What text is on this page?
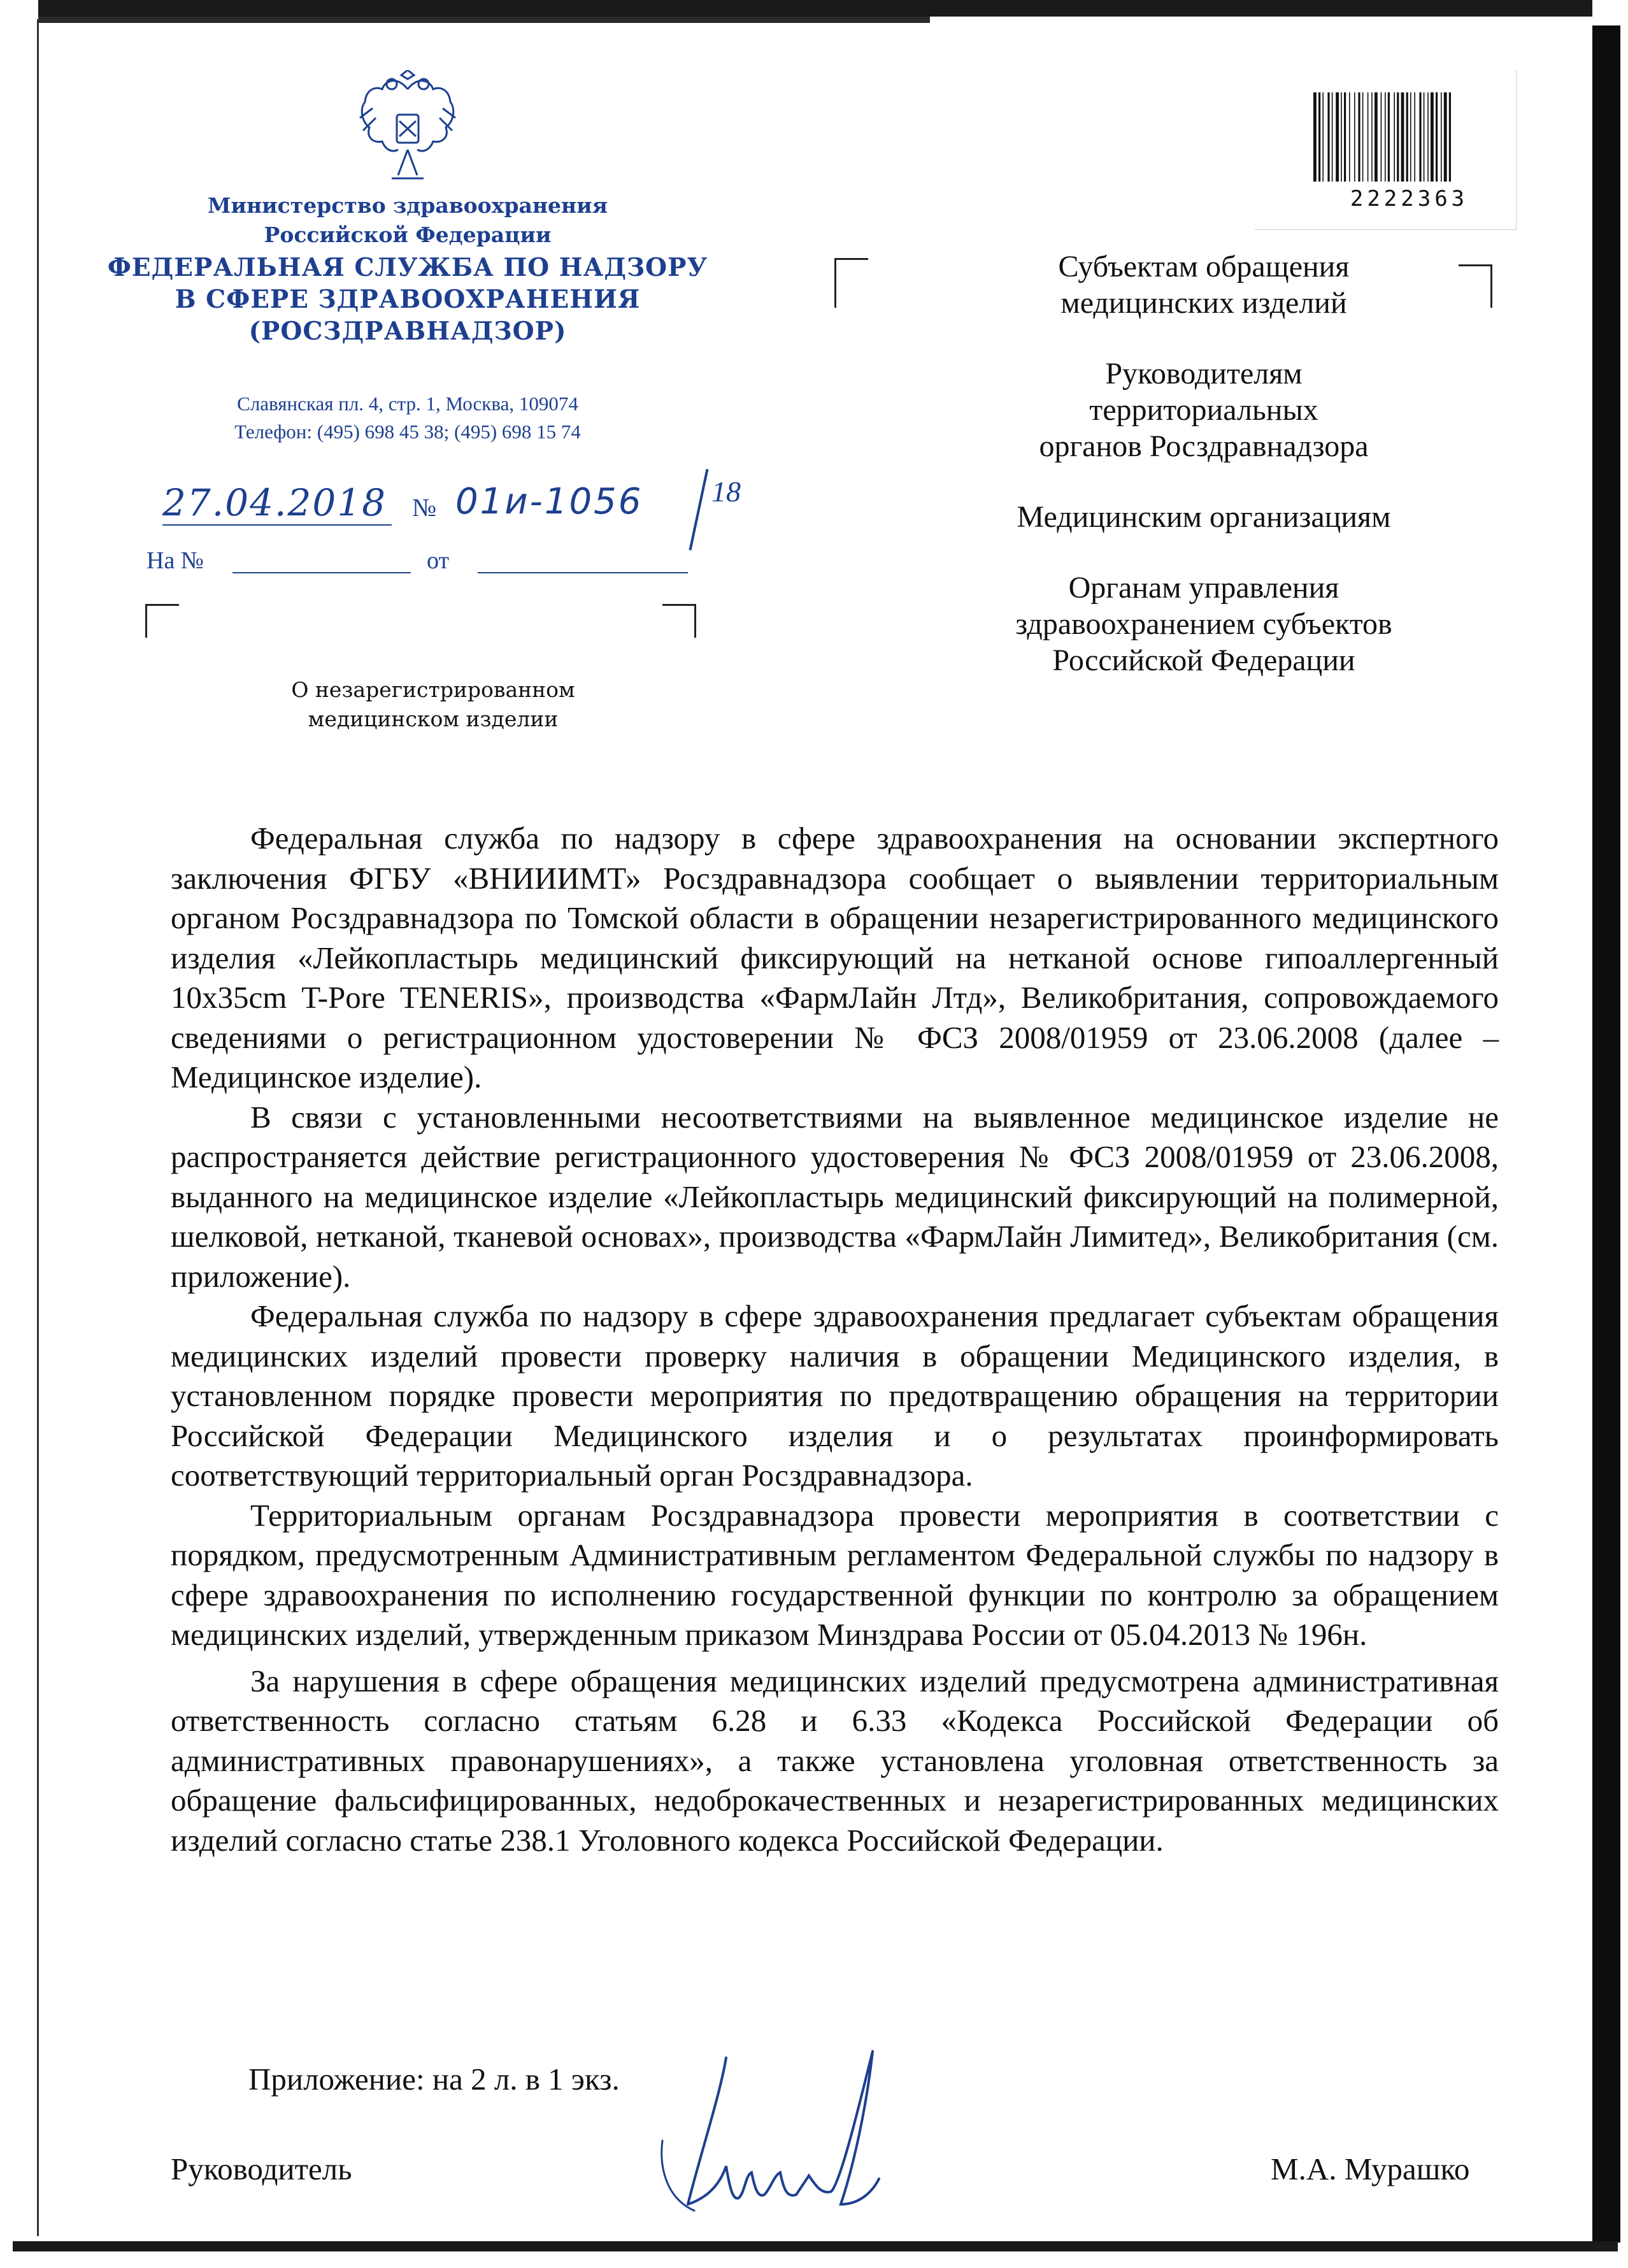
Министерство здравоохранения
Российской Федерации
ФЕДЕРАЛЬНАЯ СЛУЖБА ПО НАДЗОРУ
В СФЕРЕ ЗДРАВООХРАНЕНИЯ
(РОСЗДРАВНАДЗОР)
Славянская пл. 4, стр. 1, Москва, 109074
Телефон: (495) 698 45 38; (495) 698 15 74
27.04.2018 № 01и-1056 18
На №	от
О незарегистрированном
медицинском изделии
2222363

Субъектам обращения
медицинских изделий

Руководителям
территориальных
органов Росздравнадзора

Медицинским организациям

Органам управления
здравоохранением субъектов
Российской Федерации

Федеральная служба по надзору в сфере здравоохранения на основании экспертного заключения ФГБУ «ВНИИИМТ» Росздравнадзора сообщает о выявлении территориальным органом Росздравнадзора по Томской области в обращении незарегистрированного медицинского изделия «Лейкопластырь медицинский фиксирующий на нетканой основе гипоаллергенный 10x35cm T-Pore TENERIS», производства «ФармЛайн Лтд», Великобритания, сопровождаемого сведениями о регистрационном удостоверении № ФСЗ 2008/01959 от 23.06.2008 (далее – Медицинское изделие).

В связи с установленными несоответствиями на выявленное медицинское изделие не распространяется действие регистрационного удостоверения № ФСЗ 2008/01959 от 23.06.2008, выданного на медицинское изделие «Лейкопластырь медицинский фиксирующий на полимерной, шелковой, нетканой, тканевой основах», производства «ФармЛайн Лимитед», Великобритания (см. приложение).

Федеральная служба по надзору в сфере здравоохранения предлагает субъектам обращения медицинских изделий провести проверку наличия в обращении Медицинского изделия, в установленном порядке провести мероприятия по предотвращению обращения на территории Российской Федерации Медицинского изделия и о результатах проинформировать соответствующий территориальный орган Росздравнадзора.

Территориальным органам Росздравнадзора провести мероприятия в соответствии с порядком, предусмотренным Административным регламентом Федеральной службы по надзору в сфере здравоохранения по исполнению государственной функции по контролю за обращением медицинских изделий, утвержденным приказом Минздрава России от 05.04.2013 № 196н.

За нарушения в сфере обращения медицинских изделий предусмотрена административная ответственность согласно статьям 6.28 и 6.33 «Кодекса Российской Федерации об административных правонарушениях», а также установлена уголовная ответственность за обращение фальсифицированных, недоброкачественных и незарегистрированных медицинских изделий согласно статье 238.1 Уголовного кодекса Российской Федерации.

Приложение: на 2 л. в 1 экз.
Руководитель	М.А. Мурашко
